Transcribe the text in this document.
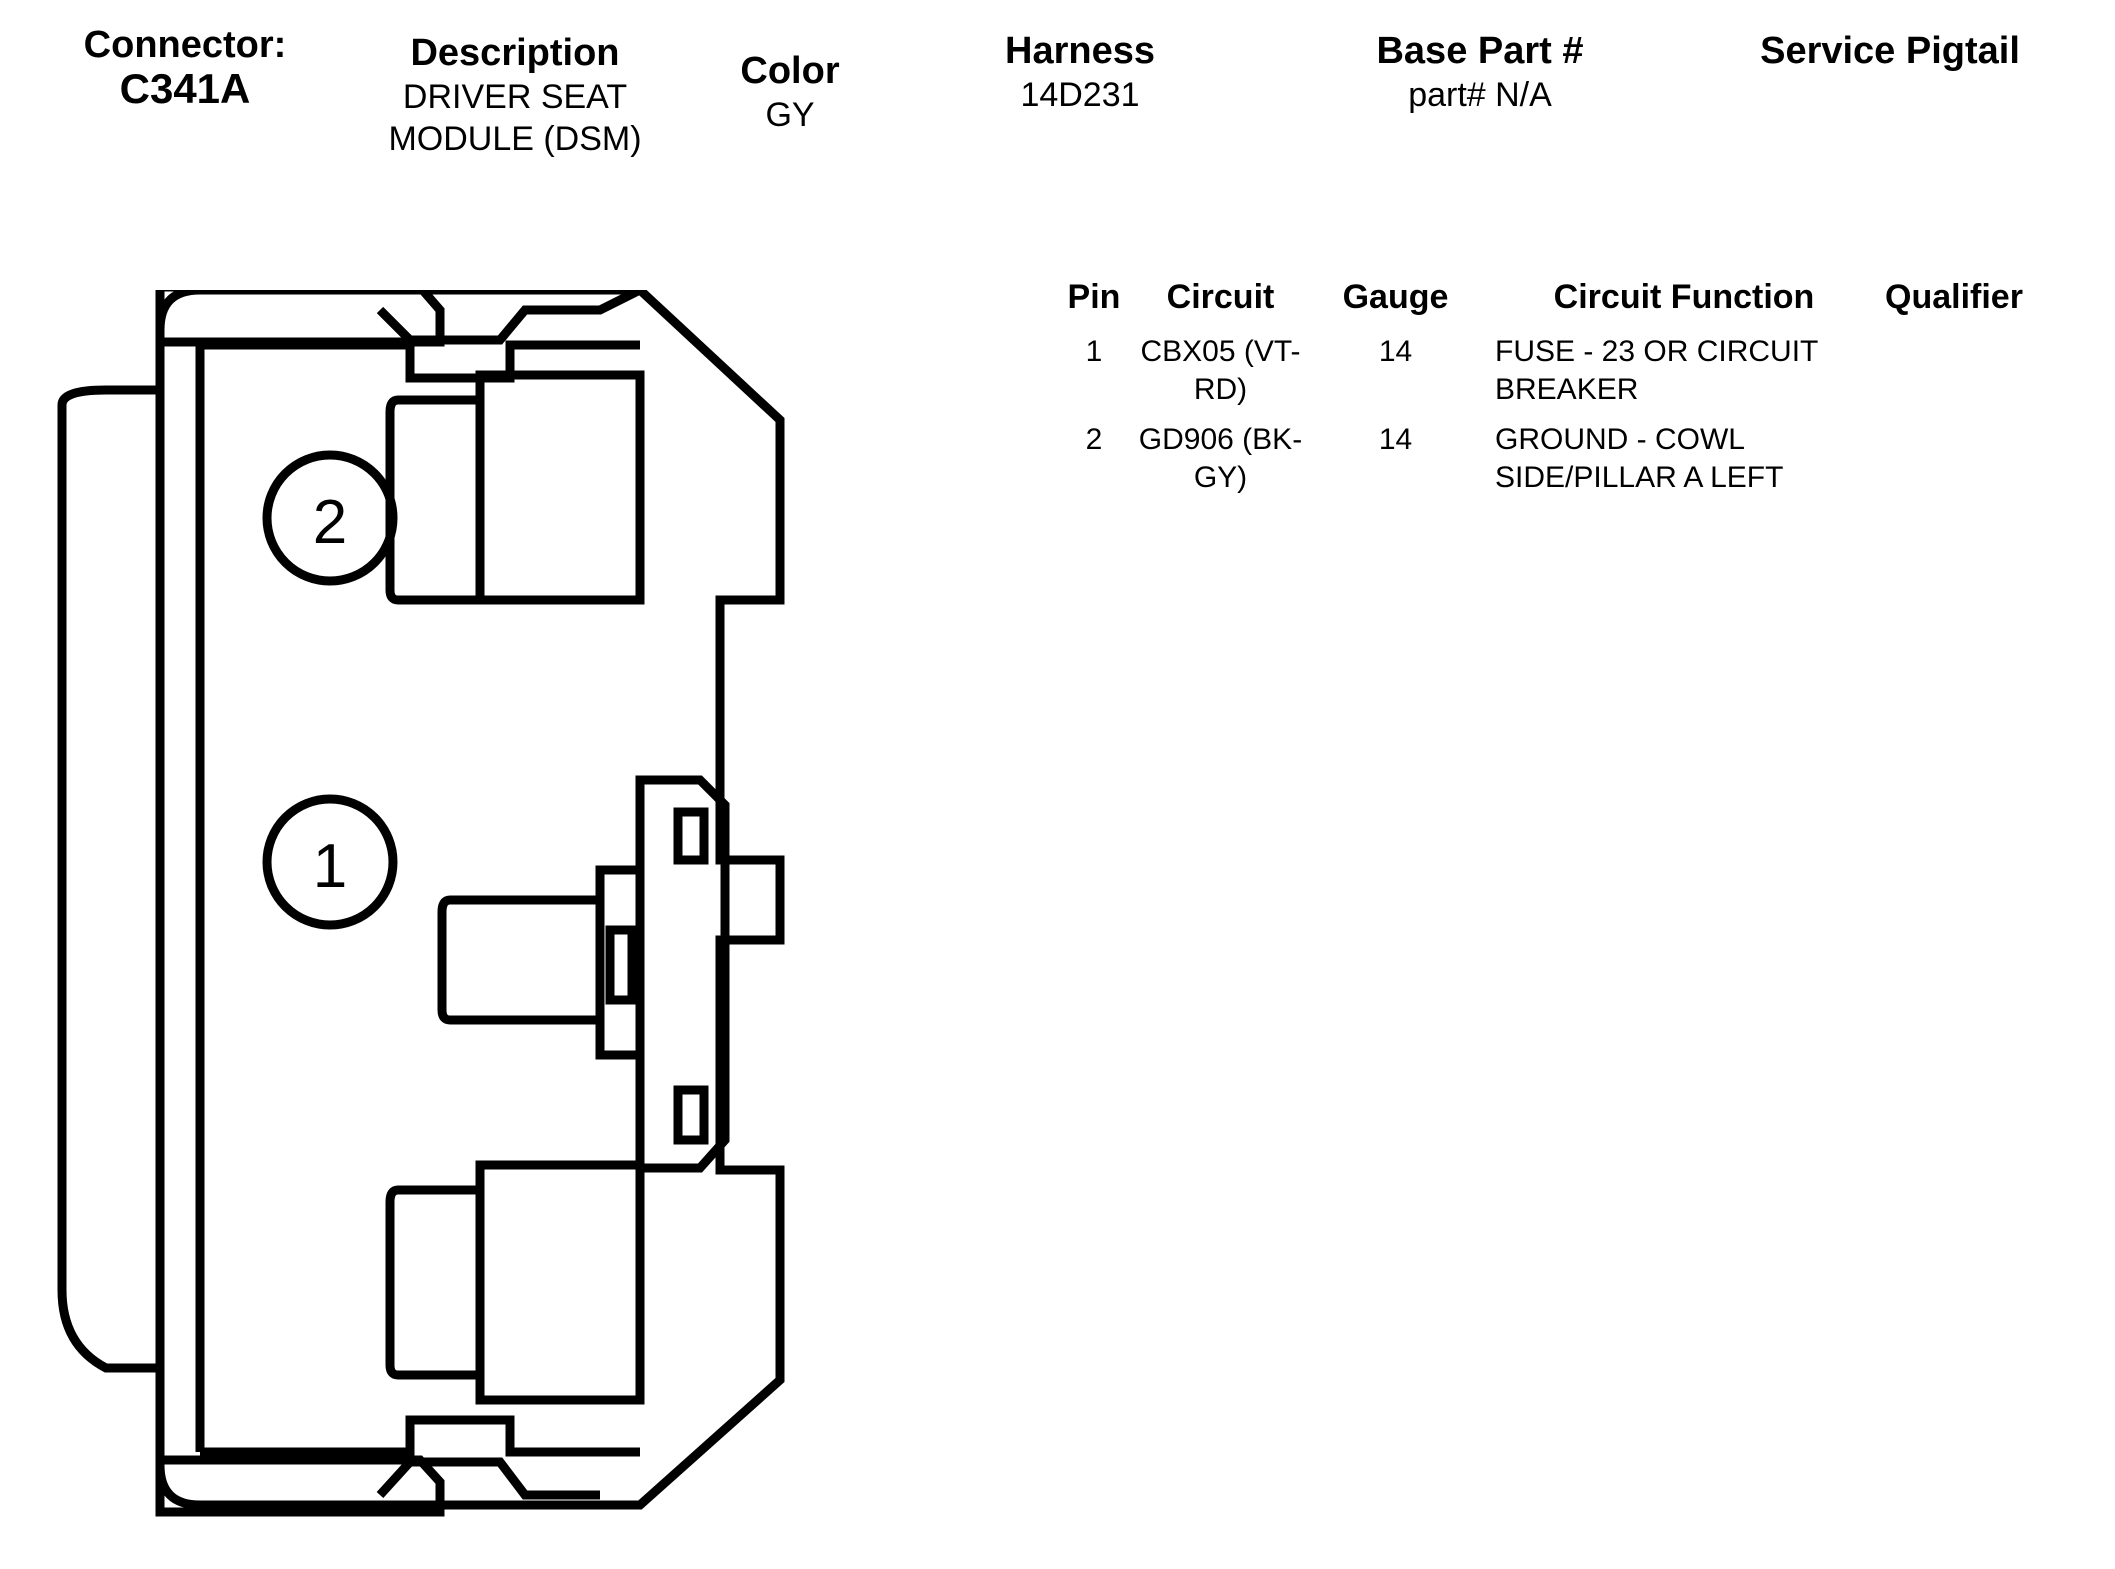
Connector:
C341A
Description
DRIVER SEAT
MODULE (DSM)
Color
GY
Harness
14D231
Base Part #
part# N/A
Service Pigtail
Pin	Circuit	Gauge	Circuit Function	Qualifier
1	CBX05 (VT-RD)	14	FUSE - 23 OR CIRCUIT BREAKER	
2	GD906 (BK-GY)	14	GROUND - COWL SIDE/PILLAR A LEFT	
2
1
